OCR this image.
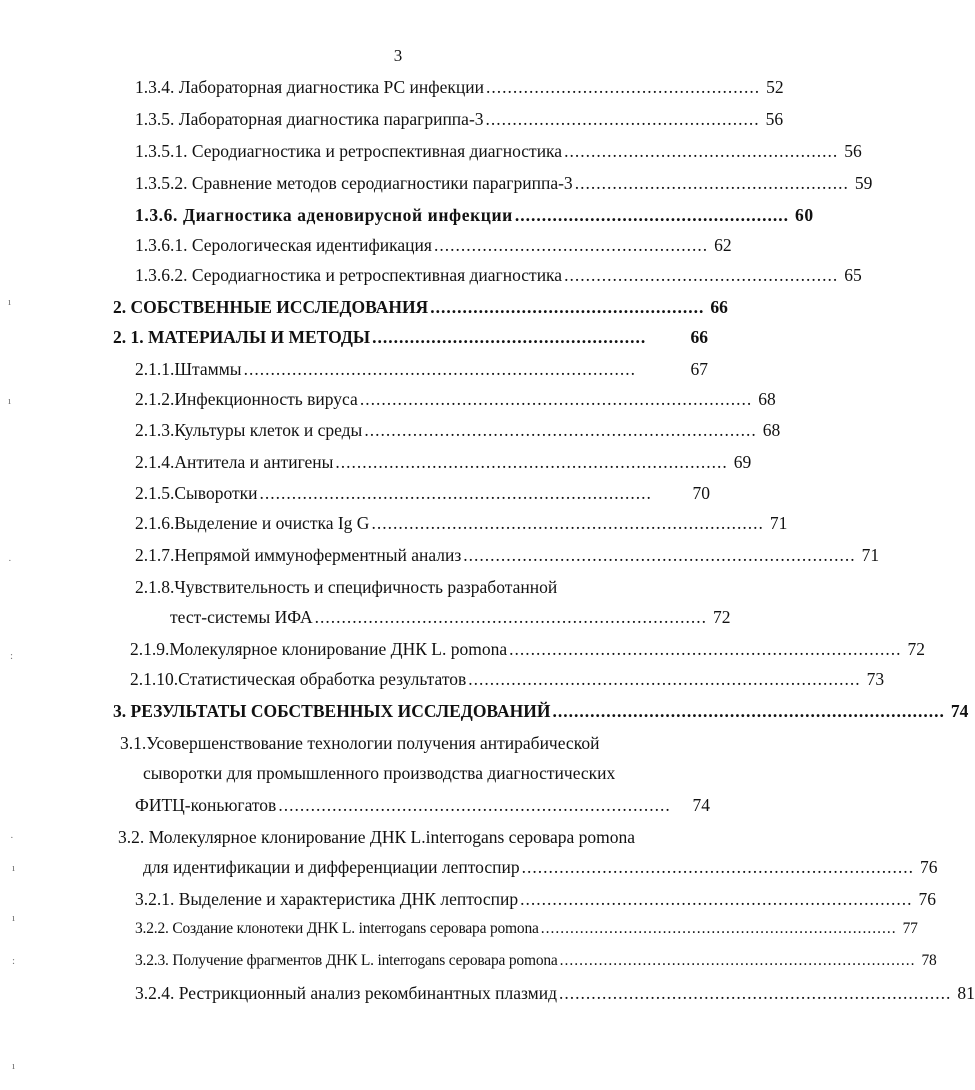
3
1.3.4. Лабораторная диагностика РС инфекции ................................................... 52
1.3.5. Лабораторная диагностика парагриппа-3 ................................................... 56
1.3.5.1. Серодиагностика и ретроспективная диагностика ................................................... 56
1.3.5.2. Сравнение методов серодиагностики парагриппа-3 ................................................... 59
1.3.6. Диагностика аденовирусной инфекции ................................................... 60
1.3.6.1. Серологическая идентификация ................................................... 62
1.3.6.2. Серодиагностика и ретроспективная диагностика ................................................... 65
2. СОБСТВЕННЫЕ ИССЛЕДОВАНИЯ ................................................... 66
2. 1. МАТЕРИАЛЫ И МЕТОДЫ ...................................................	66
2.1.1.Штаммы .........................................................................	67
2.1.2.Инфекционность вируса ......................................................................... 68
2.1.3.Культуры клеток и среды ......................................................................... 68
2.1.4.Антитела и антигены ......................................................................... 69
2.1.5.Сыворотки .........................................................................	70
2.1.6.Выделение и очистка Ig G ......................................................................... 71
2.1.7.Непрямой иммуноферментный анализ ......................................................................... 71
2.1.8.Чувствительность и специфичность разработанной
тест-системы ИФА ......................................................................... 72
2.1.9.Молекулярное клонирование ДНК L. pomona ......................................................................... 72
2.1.10.Статистическая обработка результатов ......................................................................... 73
3. РЕЗУЛЬТАТЫ СОБСТВЕННЫХ ИССЛЕДОВАНИЙ ......................................................................... 74
3.1.Усовершенствование технологии получения антирабической
сыворотки для промышленного производства диагностических
ФИТЦ-коньюгатов .........................................................................	74
3.2. Молекулярное клонирование ДНК L.interrogans серовара pomona
для идентификации и дифференциации лептоспир ......................................................................... 76
3.2.1. Выделение и характеристика ДНК лептоспир ......................................................................... 76
3.2.2. Создание клонотеки ДНК L. interrogans серовара pomona ......................................................................... 77
3.2.3. Получение фрагментов ДНК L. interrogans серовара pomona ......................................................................... 78
3.2.4. Рестрикционный анализ рекомбинантных плазмид ......................................................................... 81
ı
ı
·
:
·
ı
ı
:
ı
